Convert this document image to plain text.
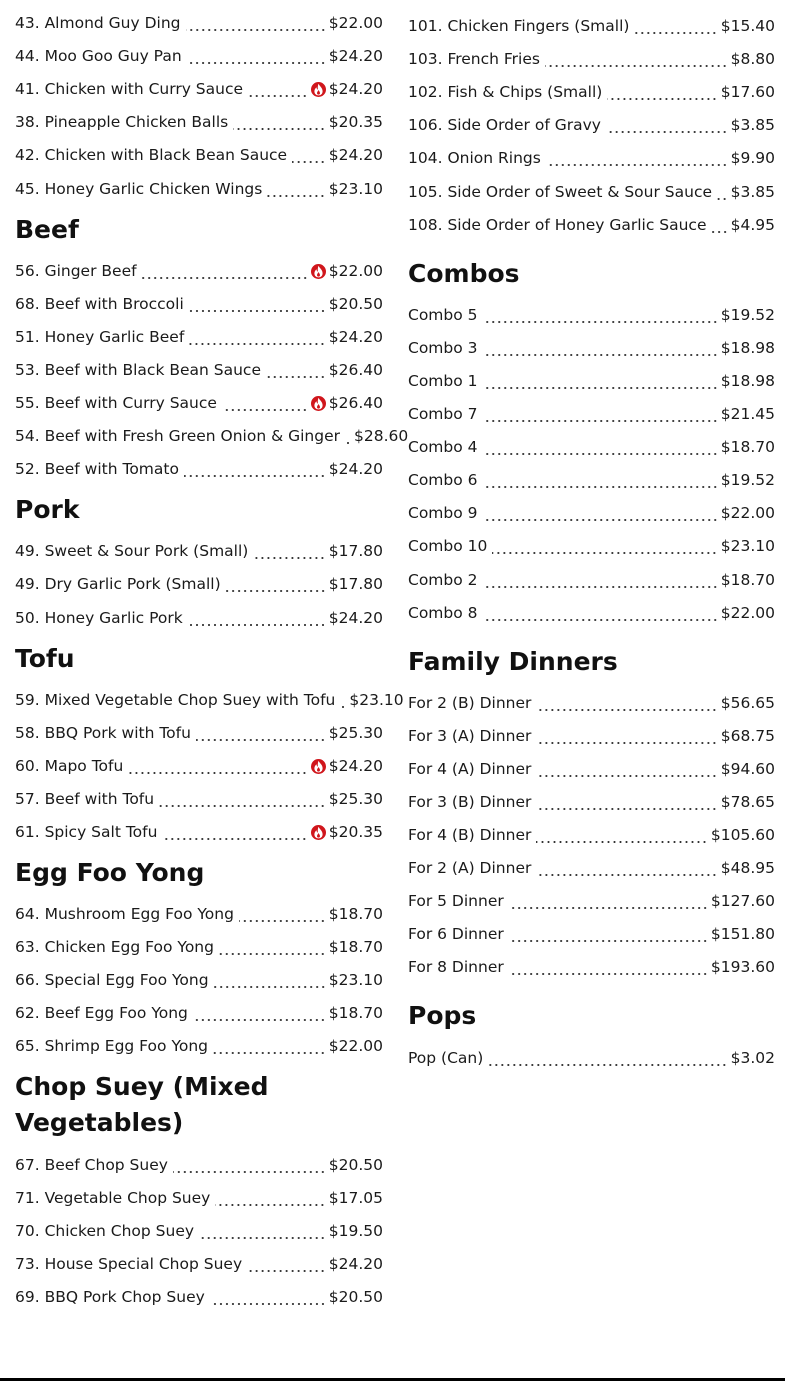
43. Almond Guy Ding	$22.00
44. Moo Goo Guy Pan	$24.20
41. Chicken with Curry Sauce	$24.20
38. Pineapple Chicken Balls	$20.35
42. Chicken with Black Bean Sauce	$24.20
45. Honey Garlic Chicken Wings	$23.10
Beef
56. Ginger Beef	$22.00
68. Beef with Broccoli	$20.50
51. Honey Garlic Beef	$24.20
53. Beef with Black Bean Sauce	$26.40
55. Beef with Curry Sauce	$26.40
54. Beef with Fresh Green Onion & Ginger $28.60
52. Beef with Tomato	$24.20
Pork
49. Sweet & Sour Pork (Small)	$17.80
49. Dry Garlic Pork (Small)	$17.80
50. Honey Garlic Pork	$24.20
Tofu
59. Mixed Vegetable Chop Suey with Tofu $23.10
58. BBQ Pork with Tofu	$25.30
60. Mapo Tofu	$24.20
57. Beef with Tofu	$25.30
61. Spicy Salt Tofu	$20.35
Egg Foo Yong
64. Mushroom Egg Foo Yong	$18.70
63. Chicken Egg Foo Yong	$18.70
66. Special Egg Foo Yong	$23.10
62. Beef Egg Foo Yong	$18.70
65. Shrimp Egg Foo Yong	$22.00
Chop Suey (Mixed Vegetables)
67. Beef Chop Suey	$20.50
71. Vegetable Chop Suey	$17.05
70. Chicken Chop Suey	$19.50
73. House Special Chop Suey	$24.20
69. BBQ Pork Chop Suey	$20.50
101. Chicken Fingers (Small)	$15.40
103. French Fries	$8.80
102. Fish & Chips (Small)	$17.60
106. Side Order of Gravy	$3.85
104. Onion Rings	$9.90
105. Side Order of Sweet & Sour Sauce $3.85
108. Side Order of Honey Garlic Sauce $4.95
Combos
Combo 5	$19.52
Combo 3	$18.98
Combo 1	$18.98
Combo 7	$21.45
Combo 4	$18.70
Combo 6	$19.52
Combo 9	$22.00
Combo 10	$23.10
Combo 2	$18.70
Combo 8	$22.00
Family Dinners
For 2 (B) Dinner	$56.65
For 3 (A) Dinner	$68.75
For 4 (A) Dinner	$94.60
For 3 (B) Dinner	$78.65
For 4 (B) Dinner	$105.60
For 2 (A) Dinner	$48.95
For 5 Dinner	$127.60
For 6 Dinner	$151.80
For 8 Dinner	$193.60
Pops
Pop (Can)	$3.02
